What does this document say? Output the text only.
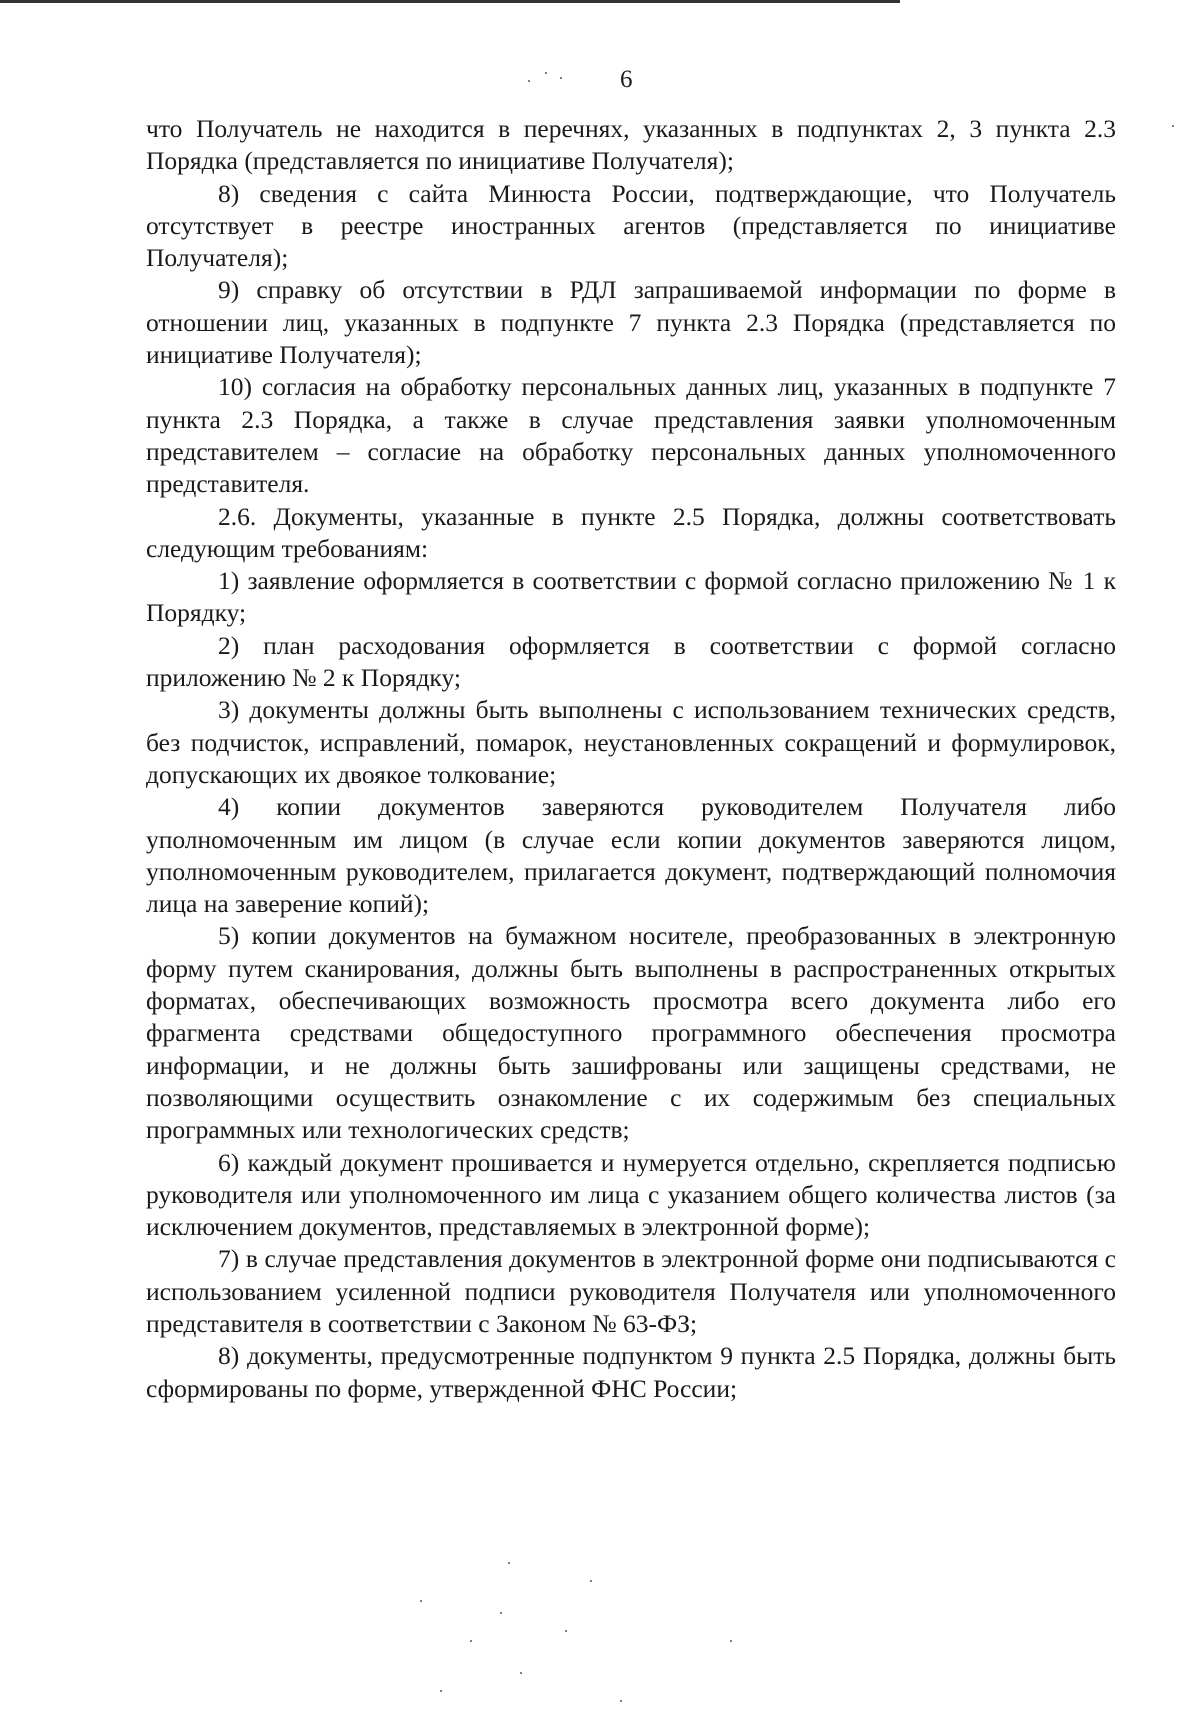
6

что Получатель не находится в перечнях, указанных в подпунктах 2, 3 пункта 2.3 Порядка (представляется по инициативе Получателя);

8) сведения с сайта Минюста России, подтверждающие, что Получатель отсутствует в реестре иностранных агентов (представляется по инициативе Получателя);

9) справку об отсутствии в РДЛ запрашиваемой информации по форме в отношении лиц, указанных в подпункте 7 пункта 2.3 Порядка (представляется по инициативе Получателя);

10) согласия на обработку персональных данных лиц, указанных в подпункте 7 пункта 2.3 Порядка, а также в случае представления заявки уполномоченным представителем – согласие на обработку персональных данных уполномоченного представителя.

2.6. Документы, указанные в пункте 2.5 Порядка, должны соответствовать следующим требованиям:

1) заявление оформляется в соответствии с формой согласно приложению № 1 к Порядку;

2) план расходования оформляется в соответствии с формой согласно приложению № 2 к Порядку;

3) документы должны быть выполнены с использованием технических средств, без подчисток, исправлений, помарок, неустановленных сокращений и формулировок, допускающих их двоякое толкование;

4) копии документов заверяются руководителем Получателя либо уполномоченным им лицом (в случае если копии документов заверяются лицом, уполномоченным руководителем, прилагается документ, подтверждающий полномочия лица на заверение копий);

5) копии документов на бумажном носителе, преобразованных в электронную форму путем сканирования, должны быть выполнены в распространенных открытых форматах, обеспечивающих возможность просмотра всего документа либо его фрагмента средствами общедоступного программного обеспечения просмотра информации, и не должны быть зашифрованы или защищены средствами, не позволяющими осуществить ознакомление с их содержимым без специальных программных или технологических средств;

6) каждый документ прошивается и нумеруется отдельно, скрепляется подписью руководителя или уполномоченного им лица с указанием общего количества листов (за исключением документов, представляемых в электронной форме);

7) в случае представления документов в электронной форме они подписываются с использованием усиленной подписи руководителя Получателя или уполномоченного представителя в соответствии с Законом № 63-ФЗ;

8) документы, предусмотренные подпунктом 9 пункта 2.5 Порядка, должны быть сформированы по форме, утвержденной ФНС России;
